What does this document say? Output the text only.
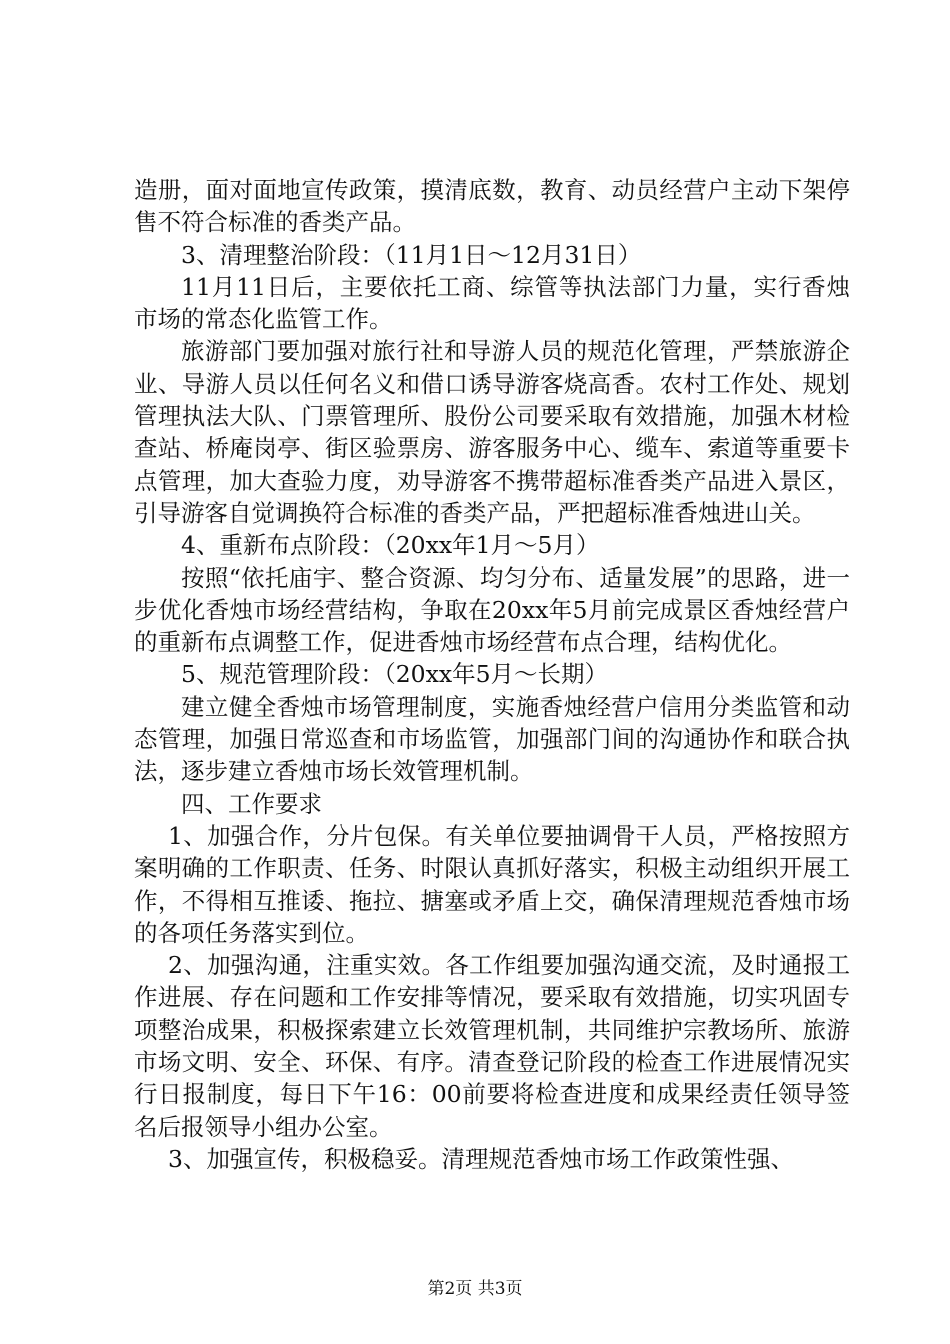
造册，面对面地宣传政策，摸清底数，教育、动员经营户主动下架停售不符合标准的香类产品。

3、清理整治阶段：（11月1日～12月31日）

11月11日后，主要依托工商、综管等执法部门力量，实行香烛市场的常态化监管工作。

旅游部门要加强对旅行社和导游人员的规范化管理，严禁旅游企业、导游人员以任何名义和借口诱导游客烧高香。农村工作处、规划管理执法大队、门票管理所、股份公司要采取有效措施，加强木材检查站、桥庵岗亭、街区验票房、游客服务中心、缆车、索道等重要卡点管理，加大查验力度，劝导游客不携带超标准香类产品进入景区，引导游客自觉调换符合标准的香类产品，严把超标准香烛进山关。

4、重新布点阶段：（20xx年1月～5月）

按照“依托庙宇、整合资源、均匀分布、适量发展”的思路，进一步优化香烛市场经营结构，争取在20xx年5月前完成景区香烛经营户的重新布点调整工作，促进香烛市场经营布点合理，结构优化。

5、规范管理阶段：（20xx年5月～长期）

建立健全香烛市场管理制度，实施香烛经营户信用分类监管和动态管理，加强日常巡查和市场监管，加强部门间的沟通协作和联合执法，逐步建立香烛市场长效管理机制。

四、工作要求

1、加强合作，分片包保。有关单位要抽调骨干人员，严格按照方案明确的工作职责、任务、时限认真抓好落实，积极主动组织开展工作，不得相互推诿、拖拉、搪塞或矛盾上交，确保清理规范香烛市场的各项任务落实到位。

2、加强沟通，注重实效。各工作组要加强沟通交流，及时通报工作进展、存在问题和工作安排等情况，要采取有效措施，切实巩固专项整治成果，积极探索建立长效管理机制，共同维护宗教场所、旅游市场文明、安全、环保、有序。清查登记阶段的检查工作进展情况实行日报制度，每日下午16：00前要将检查进度和成果经责任领导签名后报领导小组办公室。

3、加强宣传，积极稳妥。清理规范香烛市场工作政策性强、

第2页 共3页
